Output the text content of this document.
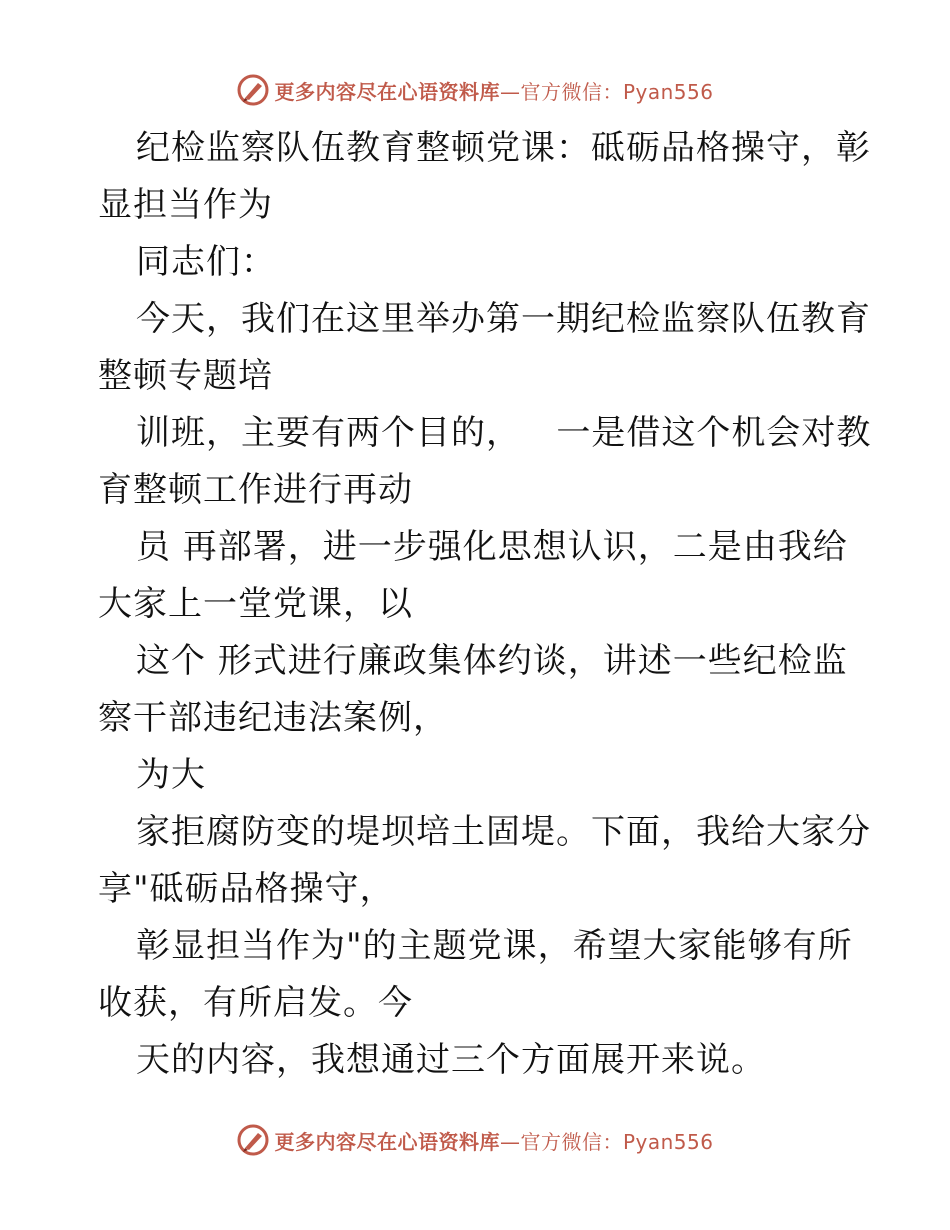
更多内容尽在心语资料库—官方微信：Pyan556
纪检监察队伍教育整顿党课：砥砺品格操守，彰
显担当作为
同志们：
今天，我们在这里举办第一期纪检监察队伍教育
整顿专题培
训班，主要有两个目的，   一是借这个机会对教
育整顿工作进行再动
员 再部署，进一步强化思想认识，二是由我给
大家上一堂党课，以
这个 形式进行廉政集体约谈，讲述一些纪检监
察干部违纪违法案例，
为大
家拒腐防变的堤坝培土固堤。下面，我给大家分
享"砥砺品格操守，
彰显担当作为"的主题党课，希望大家能够有所
收获，有所启发。今
天的内容，我想通过三个方面展开来说。
更多内容尽在心语资料库—官方微信：Pyan556
